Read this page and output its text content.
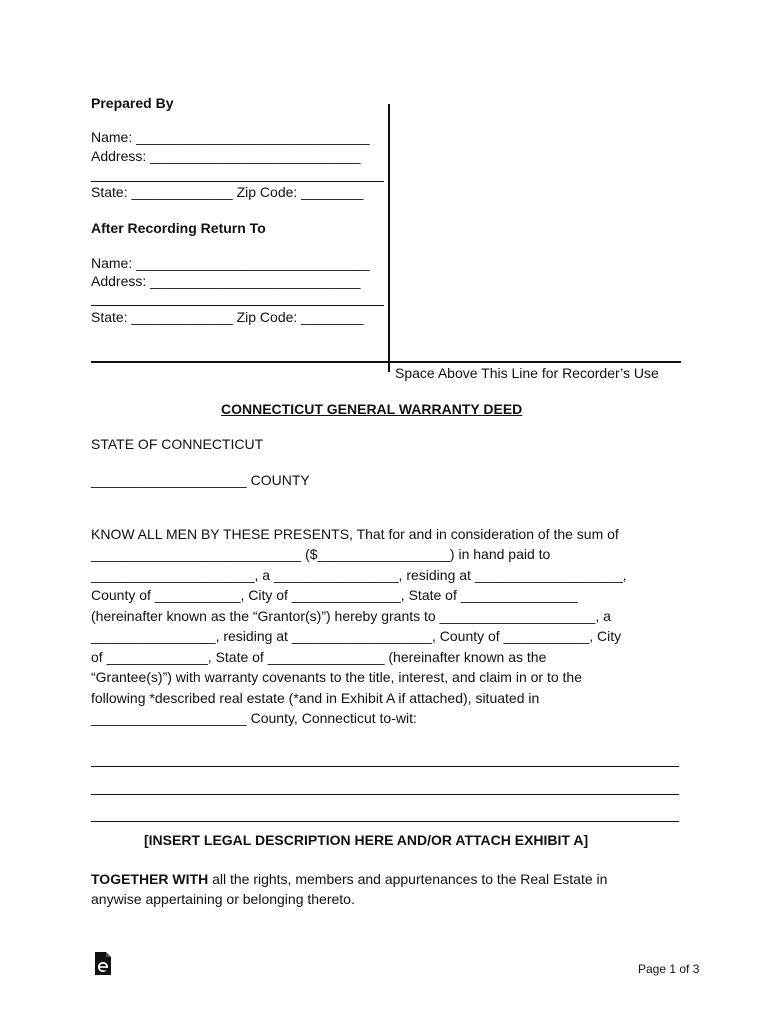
Prepared By
Name: ______________________________
Address: ___________________________
State: _____________ Zip Code: ________
After Recording Return To
Name: ______________________________
Address: ___________________________
State: _____________ Zip Code: ________
Space Above This Line for Recorder’s Use
CONNECTICUT GENERAL WARRANTY DEED
STATE OF CONNECTICUT
____________________ COUNTY
KNOW ALL MEN BY THESE PRESENTS, That for and in consideration of the sum of
___________________________ ($_________________) in hand paid to
_____________________, a ________________, residing at ___________________,
County of ___________, City of ______________, State of _______________
(hereinafter known as the “Grantor(s)”) hereby grants to ____________________, a
________________, residing at __________________, County of ___________, City
of _____________, State of _______________ (hereinafter known as the
“Grantee(s)”) with warranty covenants to the title, interest, and claim in or to the
following *described real estate (*and in Exhibit A if attached), situated in
____________________ County, Connecticut to-wit:
[INSERT LEGAL DESCRIPTION HERE AND/OR ATTACH EXHIBIT A]
TOGETHER WITH all the rights, members and appurtenances to the Real Estate in
anywise appertaining or belonging thereto.
Page 1 of 3
